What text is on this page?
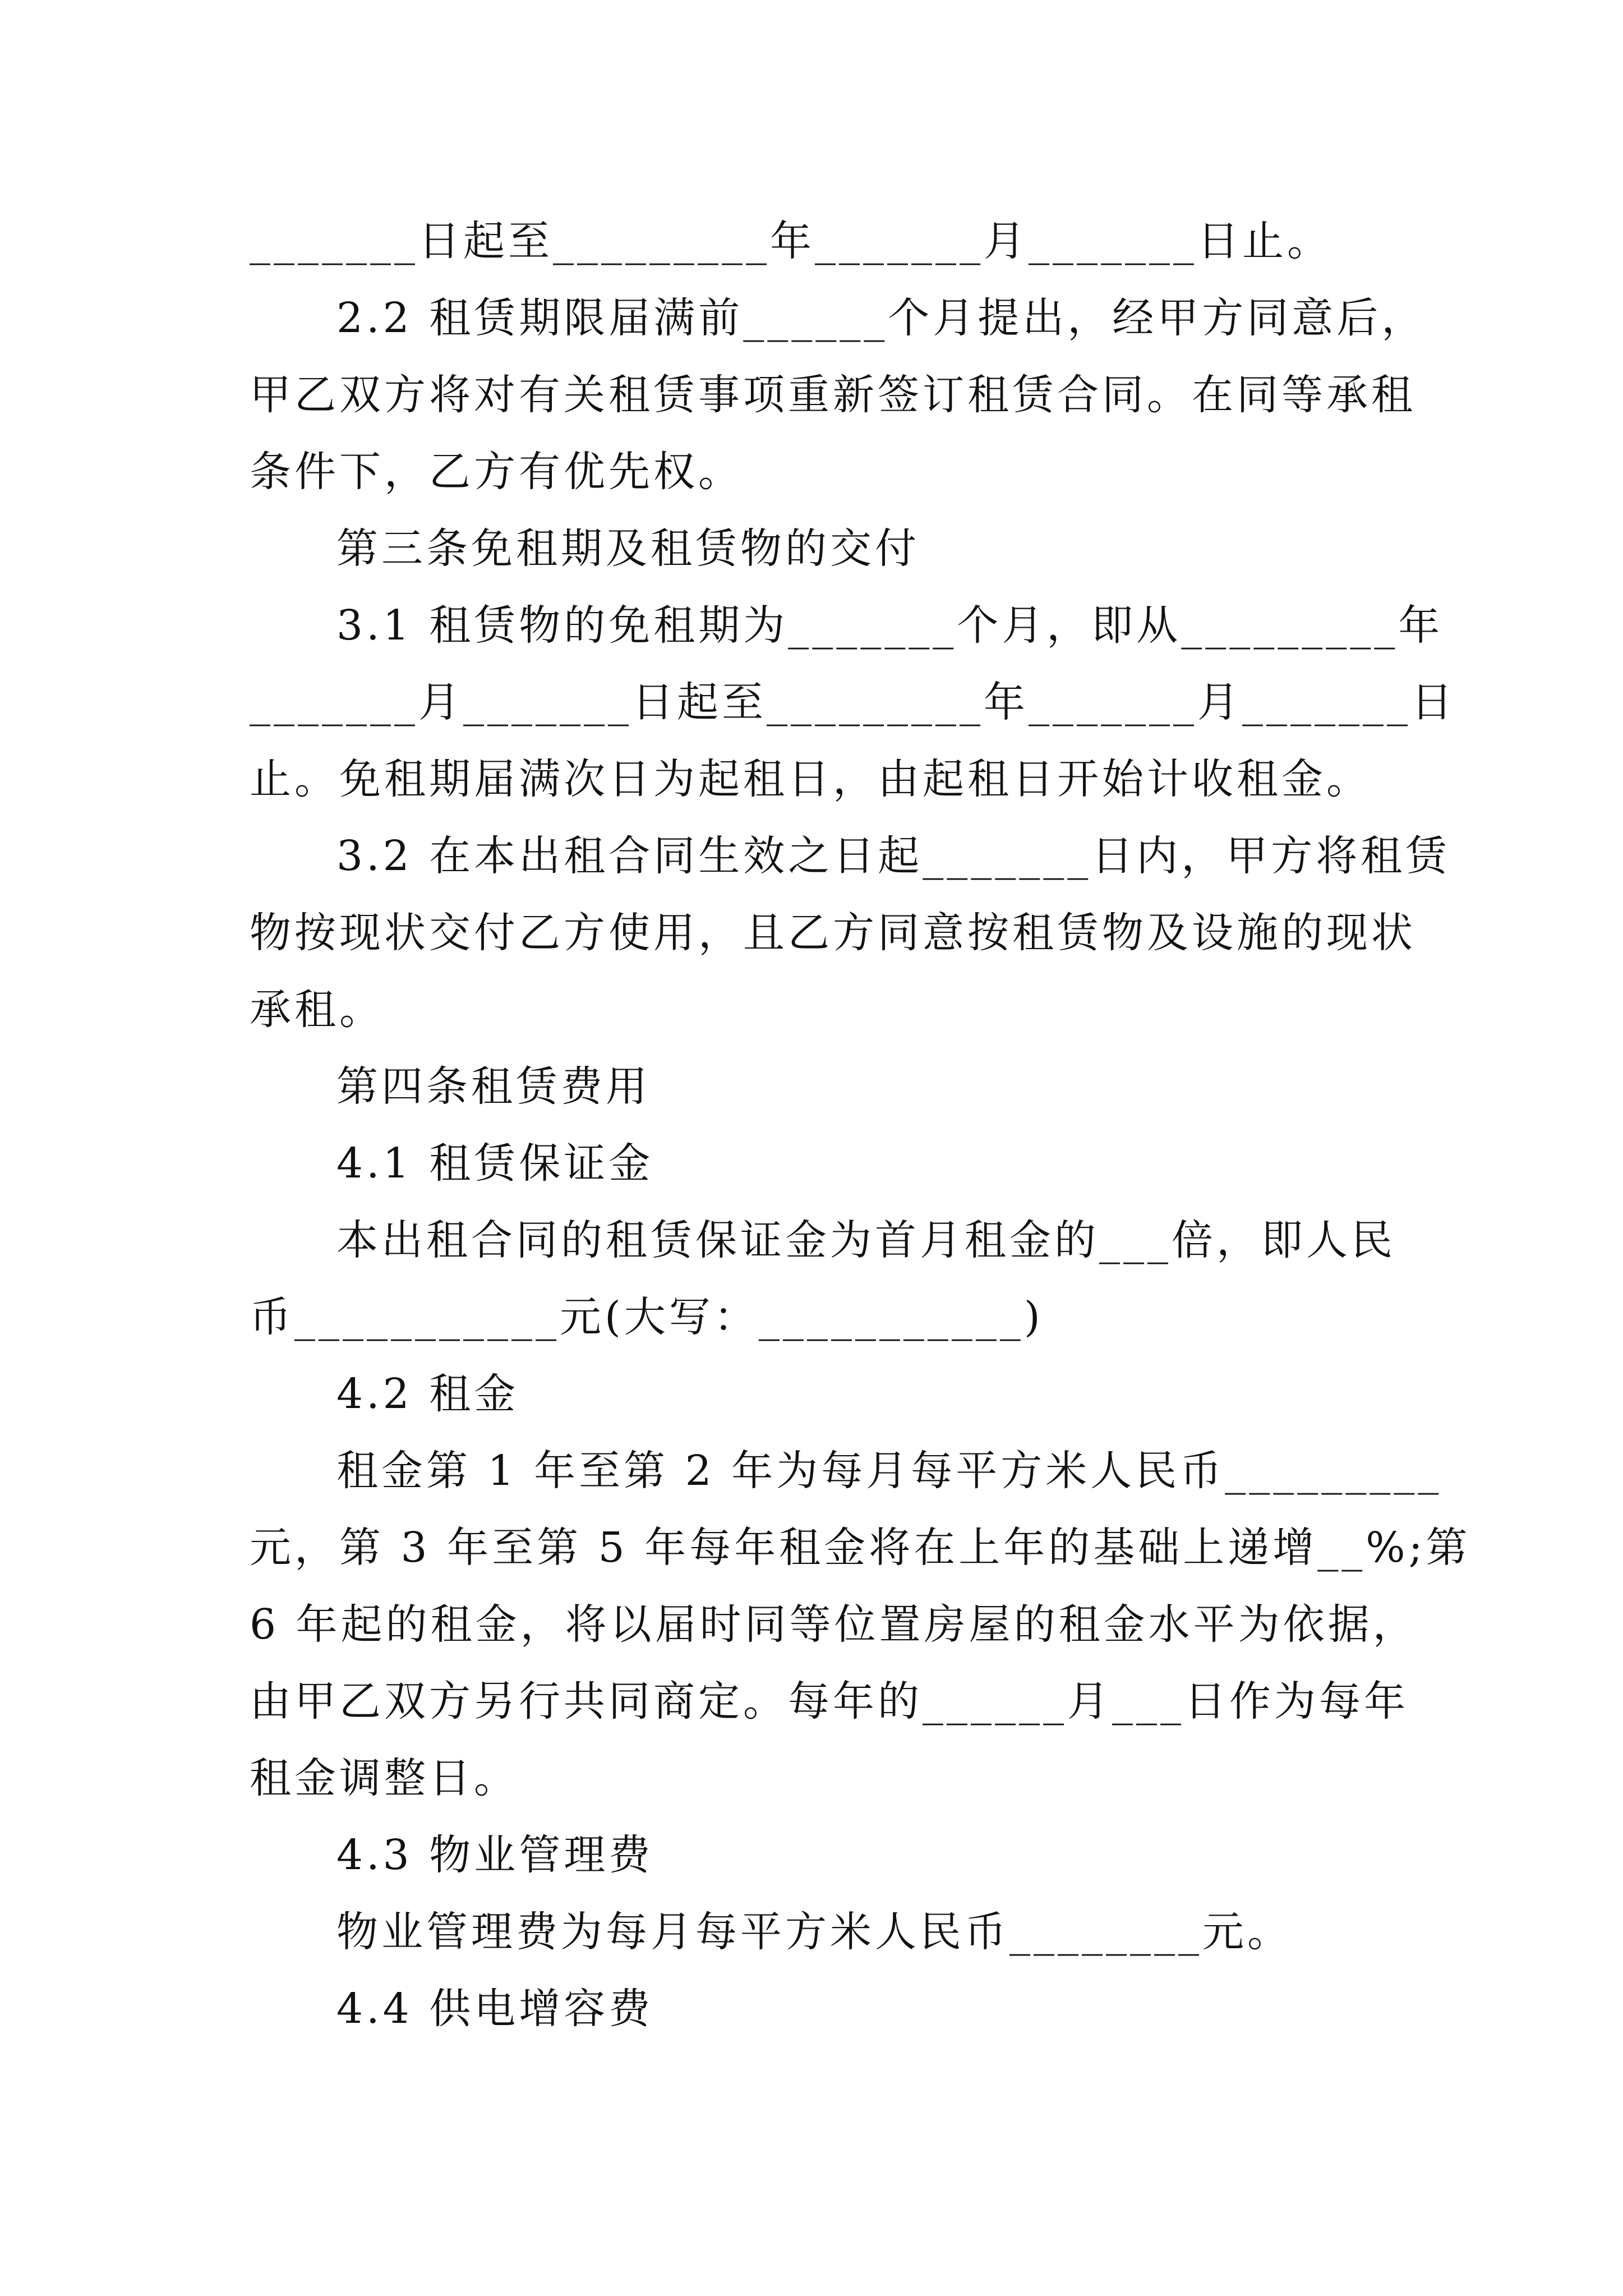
_______日起至_________年_______月_______日止。
2.2 租赁期限届满前______个月提出，经甲方同意后，
甲乙双方将对有关租赁事项重新签订租赁合同。在同等承租
条件下，乙方有优先权。
第三条免租期及租赁物的交付
3.1 租赁物的免租期为_______个月，即从_________年
_______月_______日起至_________年_______月_______日
止。免租期届满次日为起租日，由起租日开始计收租金。
3.2 在本出租合同生效之日起_______日内，甲方将租赁
物按现状交付乙方使用，且乙方同意按租赁物及设施的现状
承租。
第四条租赁费用
4.1 租赁保证金
本出租合同的租赁保证金为首月租金的___倍，即人民
币___________元(大写：___________)
4.2 租金
租金第 1 年至第 2 年为每月每平方米人民币_________
元，第 3 年至第 5 年每年租金将在上年的基础上递增__%;第
6 年起的租金，将以届时同等位置房屋的租金水平为依据，
由甲乙双方另行共同商定。每年的______月___日作为每年
租金调整日。
4.3 物业管理费
物业管理费为每月每平方米人民币________元。
4.4 供电增容费
